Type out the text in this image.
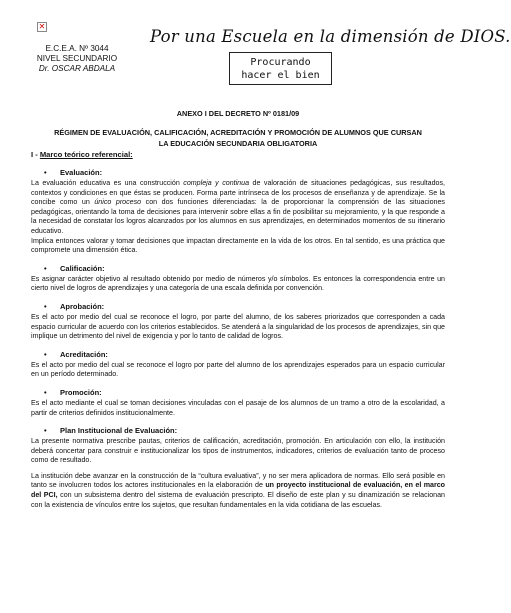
✕
E.C.E.A. Nº 3044
NIVEL SECUNDARIO
Dr. OSCAR ABDALA
Por una Escuela en la dimensión de DIOS.
Procurando
hacer el bien
ANEXO I DEL DECRETO Nº 0181/09
RÉGIMEN DE EVALUACIÓN, CALIFICACIÓN, ACREDITACIÓN Y PROMOCIÓN DE ALUMNOS QUE CURSAN
LA EDUCACIÓN SECUNDARIA OBLIGATORIA
I - Marco teórico referencial:
• Evaluación:

La evaluación educativa es una construcción compleja y continua de valoración de situaciones pedagógicas, sus resultados, contextos y condiciones en que éstas se producen. Forma parte intrínseca de los procesos de enseñanza y de aprendizaje. Se la concibe como un único proceso con dos funciones diferenciadas: la de proporcionar la comprensión de las situaciones pedagógicas, orientando la toma de decisiones para intervenir sobre ellas a fin de posibilitar su mejoramiento, y la que responde a la necesidad de constatar los logros alcanzados por los alumnos en sus aprendizajes, en determinados momentos de su itinerario educativo.

Implica entonces valorar y tomar decisiones que impactan directamente en la vida de los otros. En tal sentido, es una práctica que compromete una dimensión ética.

• Calificación:

Es asignar carácter objetivo al resultado obtenido por medio de números y/o símbolos. Es entonces la correspondencia entre un cierto nivel de logros de aprendizajes y una categoría de una escala definida por convención.

• Aprobación:

Es el acto por medio del cual se reconoce el logro, por parte del alumno, de los saberes priorizados que corresponden a cada espacio curricular de acuerdo con los criterios establecidos. Se atenderá a la singularidad de los procesos de aprendizajes, sin que implique un detrimento del nivel de exigencia y por lo tanto de calidad de logros.

• Acreditación:

Es el acto por medio del cual se reconoce el logro por parte del alumno de los aprendizajes esperados para un espacio curricular en un período determinado.

• Promoción:

Es el acto mediante el cual se toman decisiones vinculadas con el pasaje de los alumnos de un tramo a otro de la escolaridad, a partir de criterios definidos institucionalmente.

• Plan Institucional de Evaluación:

La presente normativa prescribe pautas, criterios de calificación, acreditación, promoción. En articulación con ello, la institución deberá concertar para construir e institucionalizar los tipos de instrumentos, indicadores, criterios de evaluación tanto de proceso como de resultado.

La institución debe avanzar en la construcción de la “cultura evaluativa”, y no ser mera aplicadora de normas. Ello será posible en tanto se involucren todos los actores institucionales en la elaboración de un proyecto institucional de evaluación, en el marco del PCI, con un subsistema dentro del sistema de evaluación prescripto. El diseño de este plan y su dinamización se relacionan con la existencia de vínculos entre los sujetos, que resultan fundamentales en la vida cotidiana de las escuelas.
